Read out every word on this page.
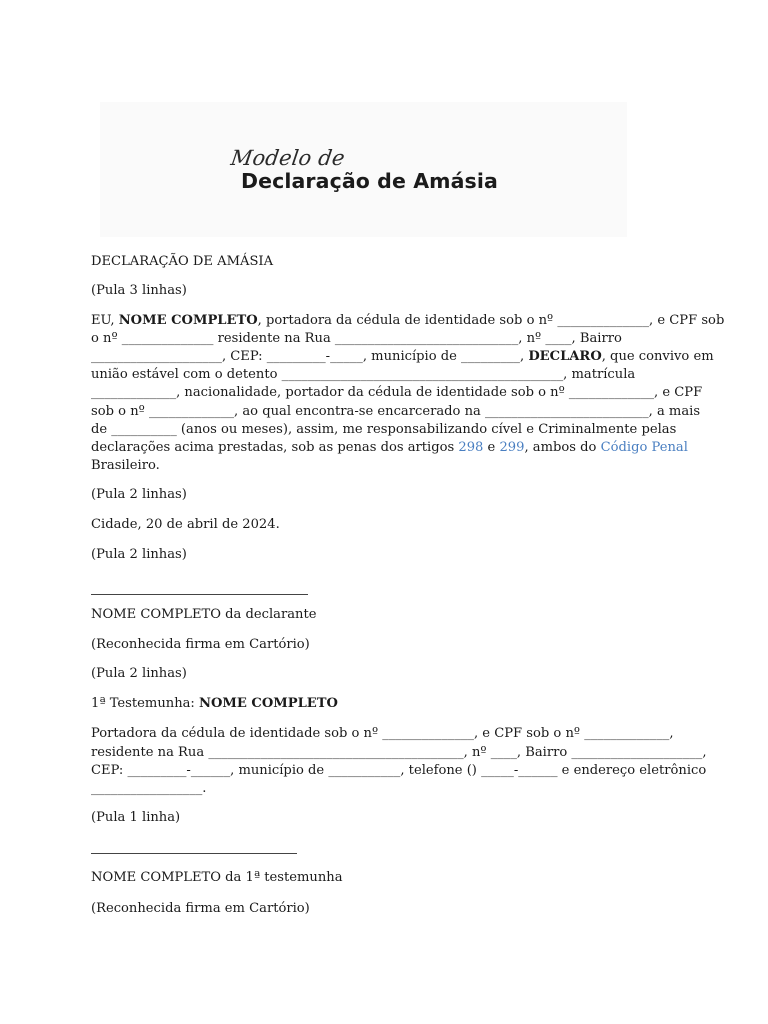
Modelo de
Declaração de Amásia
DECLARAÇÃO DE AMÁSIA
(Pula 3 linhas)
EU, NOME COMPLETO, portadora da cédula de identidade sob o nº ______________, e CPF sob
o nº ______________ residente na Rua ____________________________, nº ____, Bairro
____________________, CEP: _________-_____, município de _________, DECLARO, que convivo em
união estável com o detento ___________________________________________, matrícula
_____________, nacionalidade, portador da cédula de identidade sob o nº _____________, e CPF
sob o nº _____________, ao qual encontra-se encarcerado na _________________________, a mais
de __________ (anos ou meses), assim, me responsabilizando cível e Criminalmente pelas
declarações acima prestadas, sob as penas dos artigos 298 e 299, ambos do Código Penal
Brasileiro.
(Pula 2 linhas)
Cidade, 20 de abril de 2024.
(Pula 2 linhas)
NOME COMPLETO da declarante
(Reconhecida firma em Cartório)
(Pula 2 linhas)
1ª Testemunha: NOME COMPLETO
Portadora da cédula de identidade sob o nº ______________, e CPF sob o nº _____________,
residente na Rua _______________________________________, nº ____, Bairro ____________________,
CEP: _________-______, município de ___________, telefone () _____-______ e endereço eletrônico
_________________.
(Pula 1 linha)
NOME COMPLETO da 1ª testemunha
(Reconhecida firma em Cartório)
